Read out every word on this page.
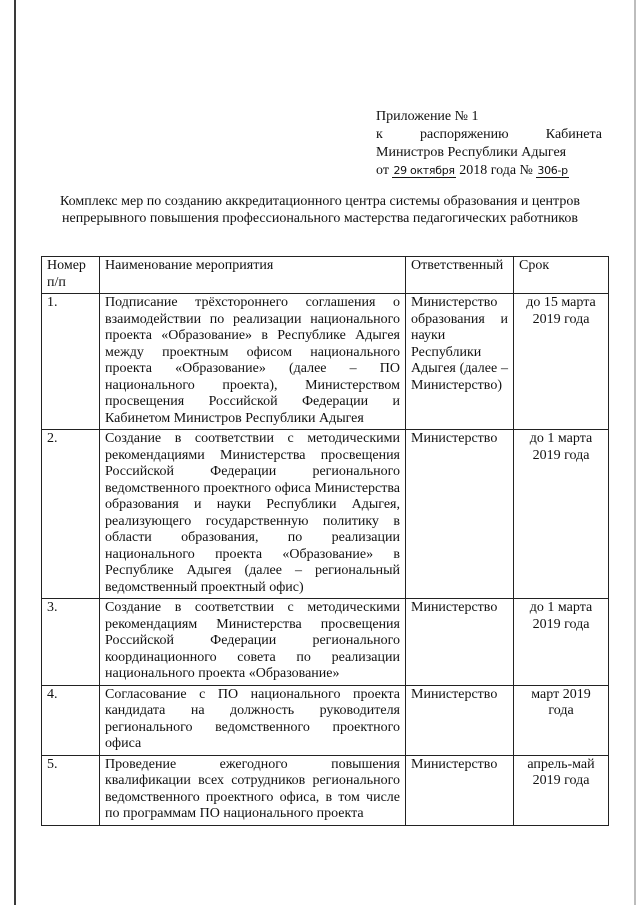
Приложение № 1
к	распоряжению	Кабинета
Министров Республики Адыгея
от 29 октября 2018 года № 306-р
Комплекс мер по созданию аккредитационного центра системы образования и центров непрерывного повышения профессионального мастерства педагогических работников
Номер п/п	Наименование мероприятия	Ответственный	Срок
1.	Подписание трёхстороннего соглашения о взаимодействии по реализации национального проекта «Образование» в Республике Адыгея между проектным офисом национального проекта «Образование» (далее – ПО национального проекта), Министерством просвещения Российской Федерации и Кабинетом Министров Республики Адыгея	Министерство образования и науки Республики Адыгея (далее – Министерство)	до 15 марта 2019 года
2.	Создание в соответствии с методическими рекомендациями Министерства просвещения Российской Федерации регионального ведомственного проектного офиса Министерства образования и науки Республики Адыгея, реализующего государственную политику в области образования, по реализации национального проекта «Образование» в Республике Адыгея (далее – региональный ведомственный проектный офис)	Министерство	до 1 марта 2019 года
3.	Создание в соответствии с методическими рекомендациям Министерства просвещения Российской Федерации регионального координационного совета по реализации национального проекта «Образование»	Министерство	до 1 марта 2019 года
4.	Согласование с ПО национального проекта кандидата на должность руководителя регионального ведомственного проектного офиса	Министерство	март 2019 года
5.	Проведение ежегодного повышения квалификации всех сотрудников регионального ведомственного проектного офиса, в том числе по программам ПО национального проекта	Министерство	апрель-май 2019 года
